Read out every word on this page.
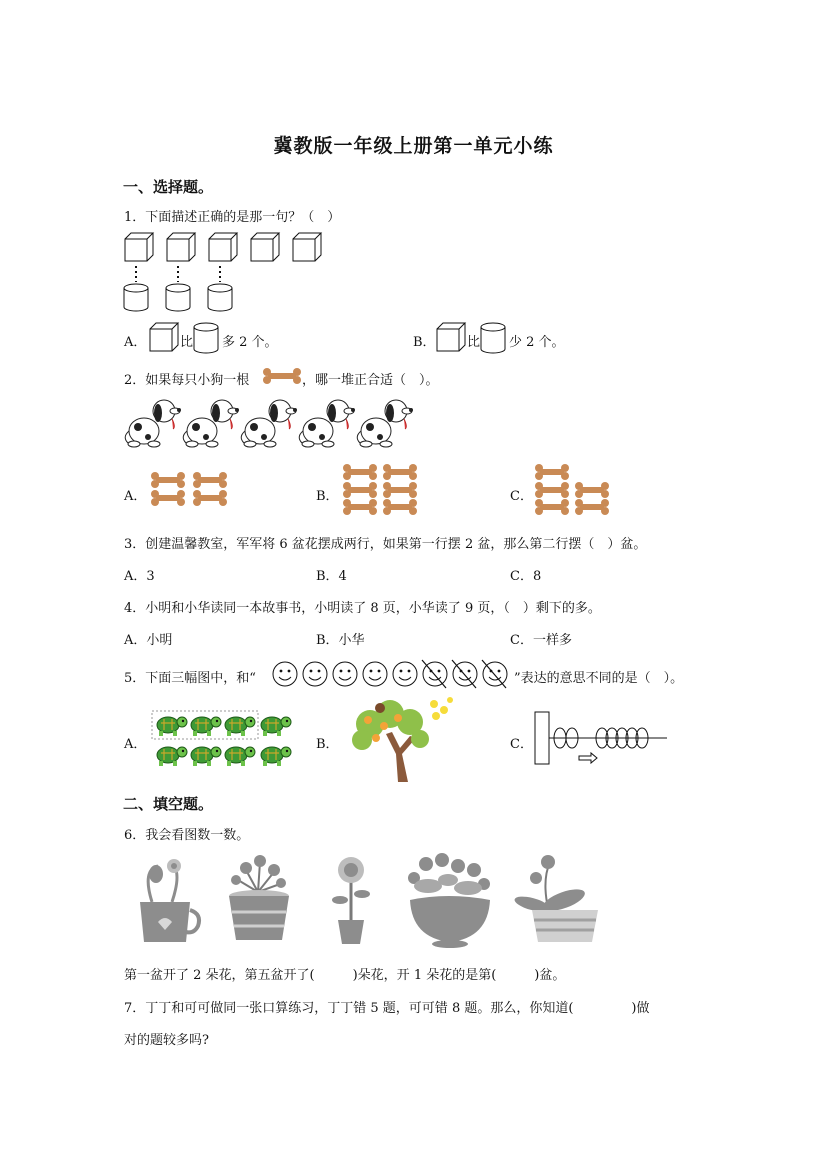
冀教版一年级上册第一单元小练
一、选择题。
1．下面描述正确的是那一句？（　）
A．	比 多 2 个。	B． 比 少 2 个。
2．如果每只小狗一根	，哪一堆正合适（　）。
A．	B．	C．
3．创建温馨教室，军军将 6 盆花摆成两行，如果第一行摆 2 盆，那么第二行摆（　）盆。
A．3	B．4	C．8
4．小明和小华读同一本故事书，小明读了 8 页，小华读了 9 页，（　）剩下的多。
A．小明	B．小华	C．一样多
5．下面三幅图中，和“	”表达的意思不同的是（　）。
A．	B．	C．
二、填空题。
6．我会看图数一数。
第一盆开了 2 朵花，第五盆开了(	)朵花，开 1 朵花的是第(	)盆。
7．丁丁和可可做同一张口算练习，丁丁错 5 题，可可错 8 题。那么，你知道(	)做
对的题较多吗?
